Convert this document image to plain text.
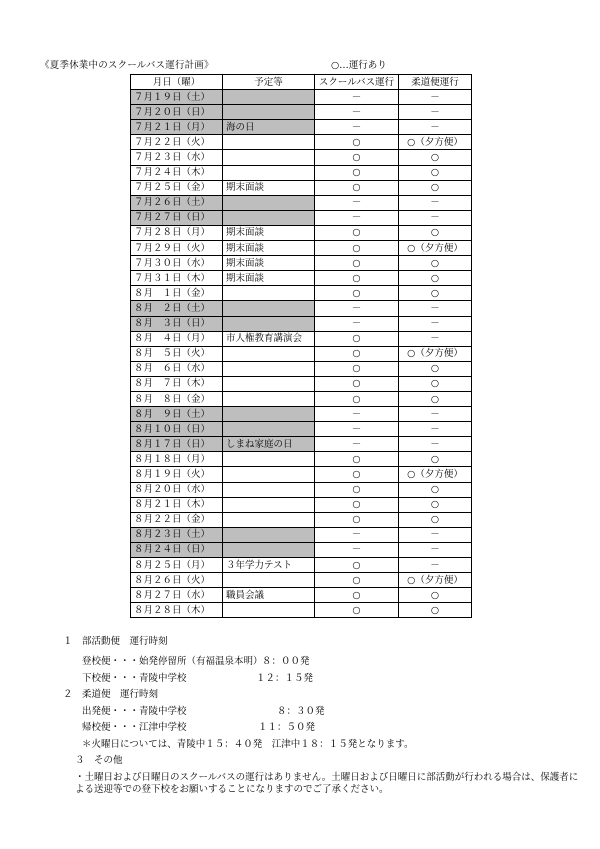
《夏季休業中のスクールバス運行計画》	○…運行あり
月日（曜）	予定等	スクールバス運行	柔道便運行
７月１９日（土）		－	－
７月２０日（日）		－	－
７月２１日（月）	海の日	－	－
７月２２日（火）		○	○（夕方便）
７月２３日（水）		○	○
７月２４日（木）		○	○
７月２５日（金）	期末面談	○	○
７月２６日（土）		－	－
７月２７日（日）		－	－
７月２８日（月）	期末面談	○	○
７月２９日（火）	期末面談	○	○（夕方便）
７月３０日（水）	期末面談	○	○
７月３１日（木）	期末面談	○	○
８月　１日（金）		○	○
８月　２日（土）		－	－
８月　３日（日）		－	－
８月　４日（月）	市人権教育講演会	○	－
８月　５日（火）		○	○（夕方便）
８月　６日（水）		○	○
８月　７日（木）		○	○
８月　８日（金）		○	○
８月　９日（土）		－	－
８月１０日（日）		－	－
８月１７日（日）	しまね家庭の日	－	－
８月１８日（月）		○	○
８月１９日（火）		○	○（夕方便）
８月２０日（水）		○	○
８月２１日（木）		○	○
８月２２日（金）		○	○
８月２３日（土）		－	－
８月２４日（日）		－	－
８月２５日（月）	３年学力テスト	○	－
８月２６日（火）		○	○（夕方便）
８月２７日（水）	職員会議	○	○
８月２８日（木）		○	○
１　部活動便　運行時刻
登校便・・・始発停留所（有福温泉本明）８：００発
下校便・・・青陵中学校	１２：１５発
２　柔道便　運行時刻
出発便・・・青陵中学校	８：３０発
帰校便・・・江津中学校	１１：５０発
＊火曜日については、青陵中１５：４０発　江津中１８：１５発となります。
３　その他
・土曜日および日曜日のスクールバスの運行はありません。土曜日および日曜日に部活動が行われる場合は、保護者に
よる送迎等での登下校をお願いすることになりますのでご了承ください。
